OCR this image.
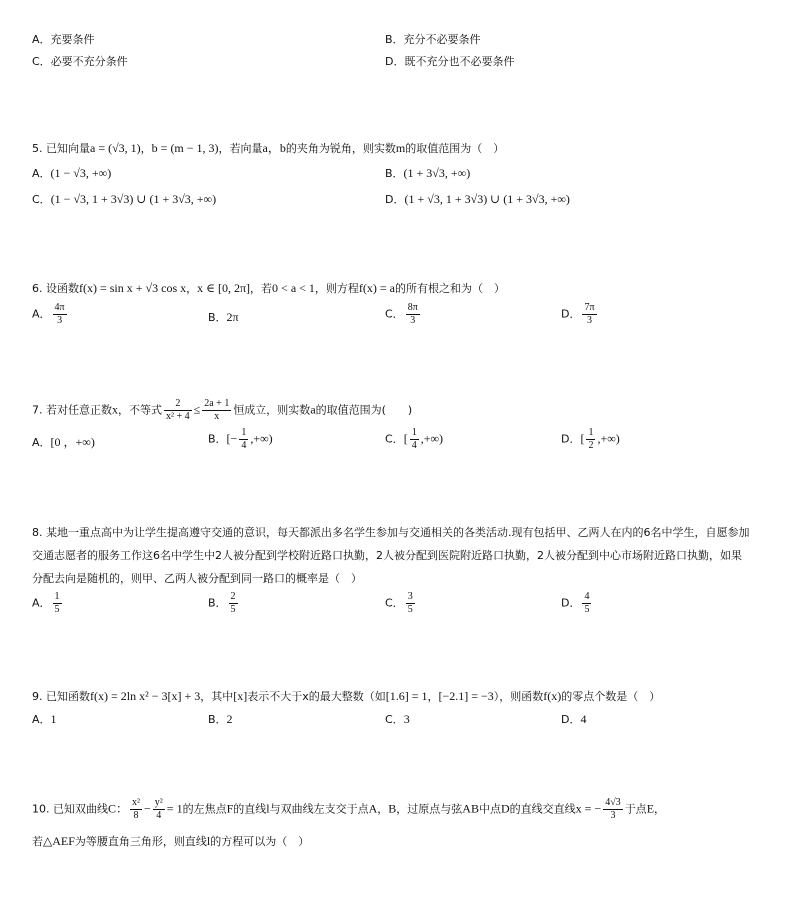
A．充要条件	B．充分不必要条件
C．必要不充分条件	D．既不充分也不必要条件
5. 已知向量a = (√3, 1)，b = (m − 1, 3)，若向量a，b的夹角为锐角，则实数m的取值范围为（　）
A．(1 − √3, +∞)	B．(1 + 3√3, +∞)
C．(1 − √3, 1 + 3√3) ∪ (1 + 3√3, +∞)	D．(1 + √3, 1 + 3√3) ∪ (1 + 3√3, +∞)
6. 设函数f(x) = sin x + √3 cos x，x ∈ [0, 2π]，若0 < a < 1，则方程f(x) = a的所有根之和为（　）
A． $\frac{4\pi}{3}$	B．2π	C． $\frac{8\pi}{3}$	D． $\frac{7\pi}{3}$
7. 若对任意正数x，不等式 $\frac{2}{\text{x² + 4}} \le \frac{2a + 1}{x}$ 恒成立，则实数a的取值范围为(　　)
A．[0 ，+∞)	B．[− $\frac{1}{4}$ ,+∞)	C．[ $\frac{1}{4}$ ,+∞)	D．[ $\frac{1}{2}$ ,+∞)
8. 某地一重点高中为让学生提高遵守交通的意识，每天都派出多名学生参加与交通相关的各类活动.现有包括甲、乙两人在内的6名中学生，自愿参加交通志愿者的服务工作这6名中学生中2人被分配到学校附近路口执勤，2人被分配到医院附近路口执勤，2人被分配到中心市场附近路口执勤，如果分配去向是随机的，则甲、乙两人被分配到同一路口的概率是（　）
A． $\frac{1}{5}$	B． $\frac{2}{5}$	C． $\frac{3}{5}$	D． $\frac{4}{5}$
9. 已知函数f(x) = 2ln x² − 3[x] + 3，其中[x]表示不大于x的最大整数（如[1.6] = 1，[−2.1] = −3），则函数f(x)的零点个数是（　）
A．1	B．2	C．3	D．4
10. 已知双曲线C： $\frac{\text{x²}}{8} - \frac{\text{y²}}{4} = 1$的左焦点F的直线l与双曲线左支交于点A，B，过原点与弦AB中点D的直线交直线x = − $\frac{4√3}{3}$ 于点E，
若△AEF为等腰直角三角形，则直线l的方程可以为（　）
